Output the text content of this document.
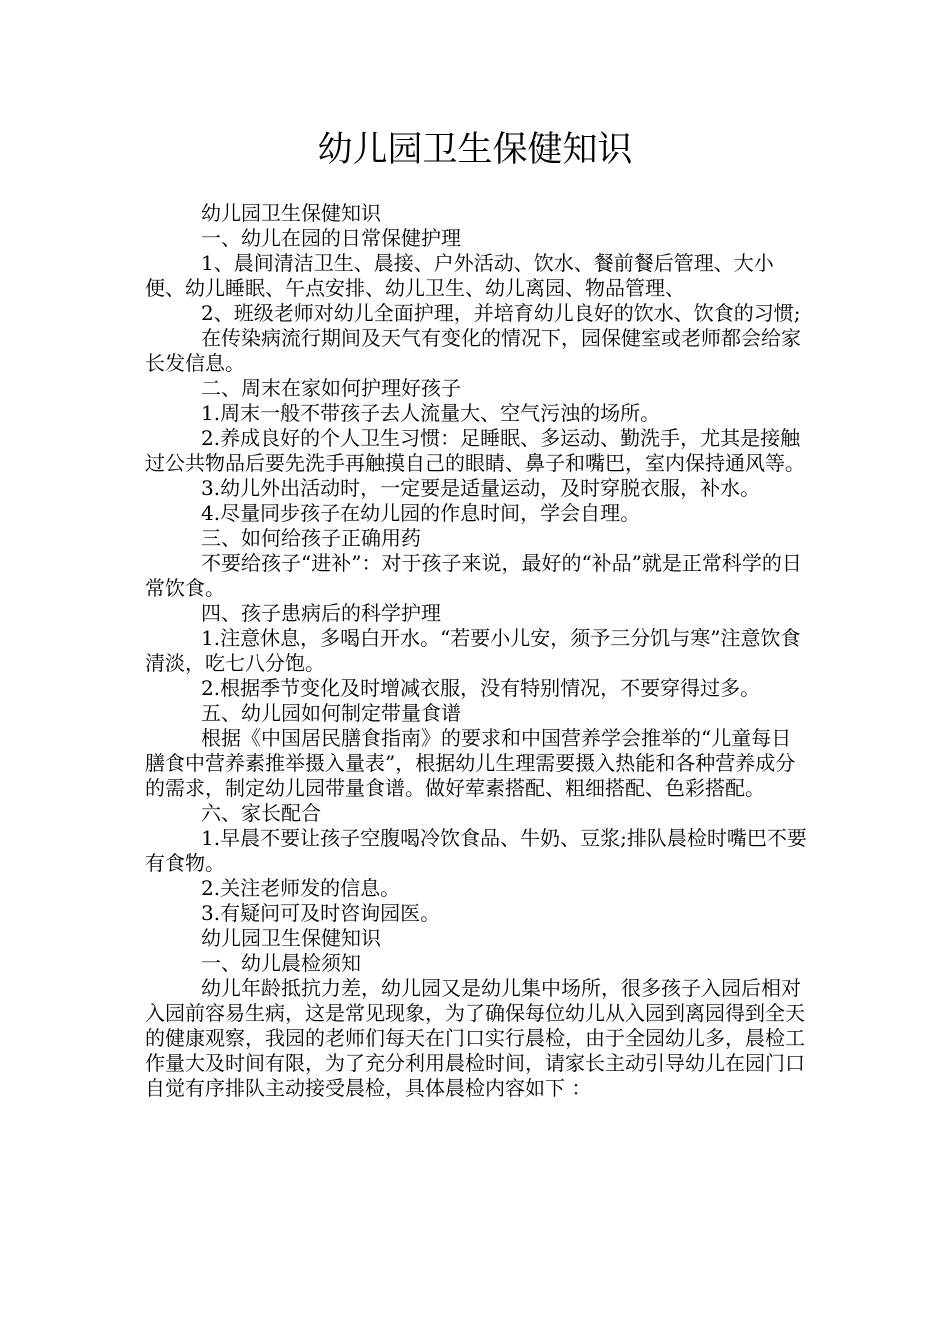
幼儿园卫生保健知识

幼儿园卫生保健知识

一、幼儿在园的日常保健护理

1、晨间清洁卫生、晨接、户外活动、饮水、餐前餐后管理、大小便、幼儿睡眠、午点安排、幼儿卫生、幼儿离园、物品管理、

2、班级老师对幼儿全面护理，并培育幼儿良好的饮水、饮食的习惯;

在传染病流行期间及天气有变化的情况下，园保健室或老师都会给家长发信息。

二、周末在家如何护理好孩子

1.周末一般不带孩子去人流量大、空气污浊的场所。

2.养成良好的个人卫生习惯：足睡眠、多运动、勤洗手，尤其是接触过公共物品后要先洗手再触摸自己的眼睛、鼻子和嘴巴，室内保持通风等。

3.幼儿外出活动时，一定要是适量运动，及时穿脱衣服，补水。

4.尽量同步孩子在幼儿园的作息时间，学会自理。

三、如何给孩子正确用药

不要给孩子“进补”：对于孩子来说，最好的“补品”就是正常科学的日常饮食。

四、孩子患病后的科学护理

1.注意休息，多喝白开水。“若要小儿安，须予三分饥与寒”注意饮食清淡，吃七八分饱。

2.根据季节变化及时增减衣服，没有特别情况，不要穿得过多。

五、幼儿园如何制定带量食谱

根据《中国居民膳食指南》的要求和中国营养学会推举的“儿童每日膳食中营养素推举摄入量表”，根据幼儿生理需要摄入热能和各种营养成分的需求，制定幼儿园带量食谱。做好荤素搭配、粗细搭配、色彩搭配。

六、家长配合

1.早晨不要让孩子空腹喝冷饮食品、牛奶、豆浆;排队晨检时嘴巴不要有食物。

2.关注老师发的信息。

3.有疑问可及时咨询园医。

幼儿园卫生保健知识

一、幼儿晨检须知

幼儿年龄抵抗力差，幼儿园又是幼儿集中场所，很多孩子入园后相对入园前容易生病，这是常见现象，为了确保每位幼儿从入园到离园得到全天的健康观察，我园的老师们每天在门口实行晨检，由于全园幼儿多，晨检工作量大及时间有限，为了充分利用晨检时间，请家长主动引导幼儿在园门口自觉有序排队主动接受晨检，具体晨检内容如下 ：
